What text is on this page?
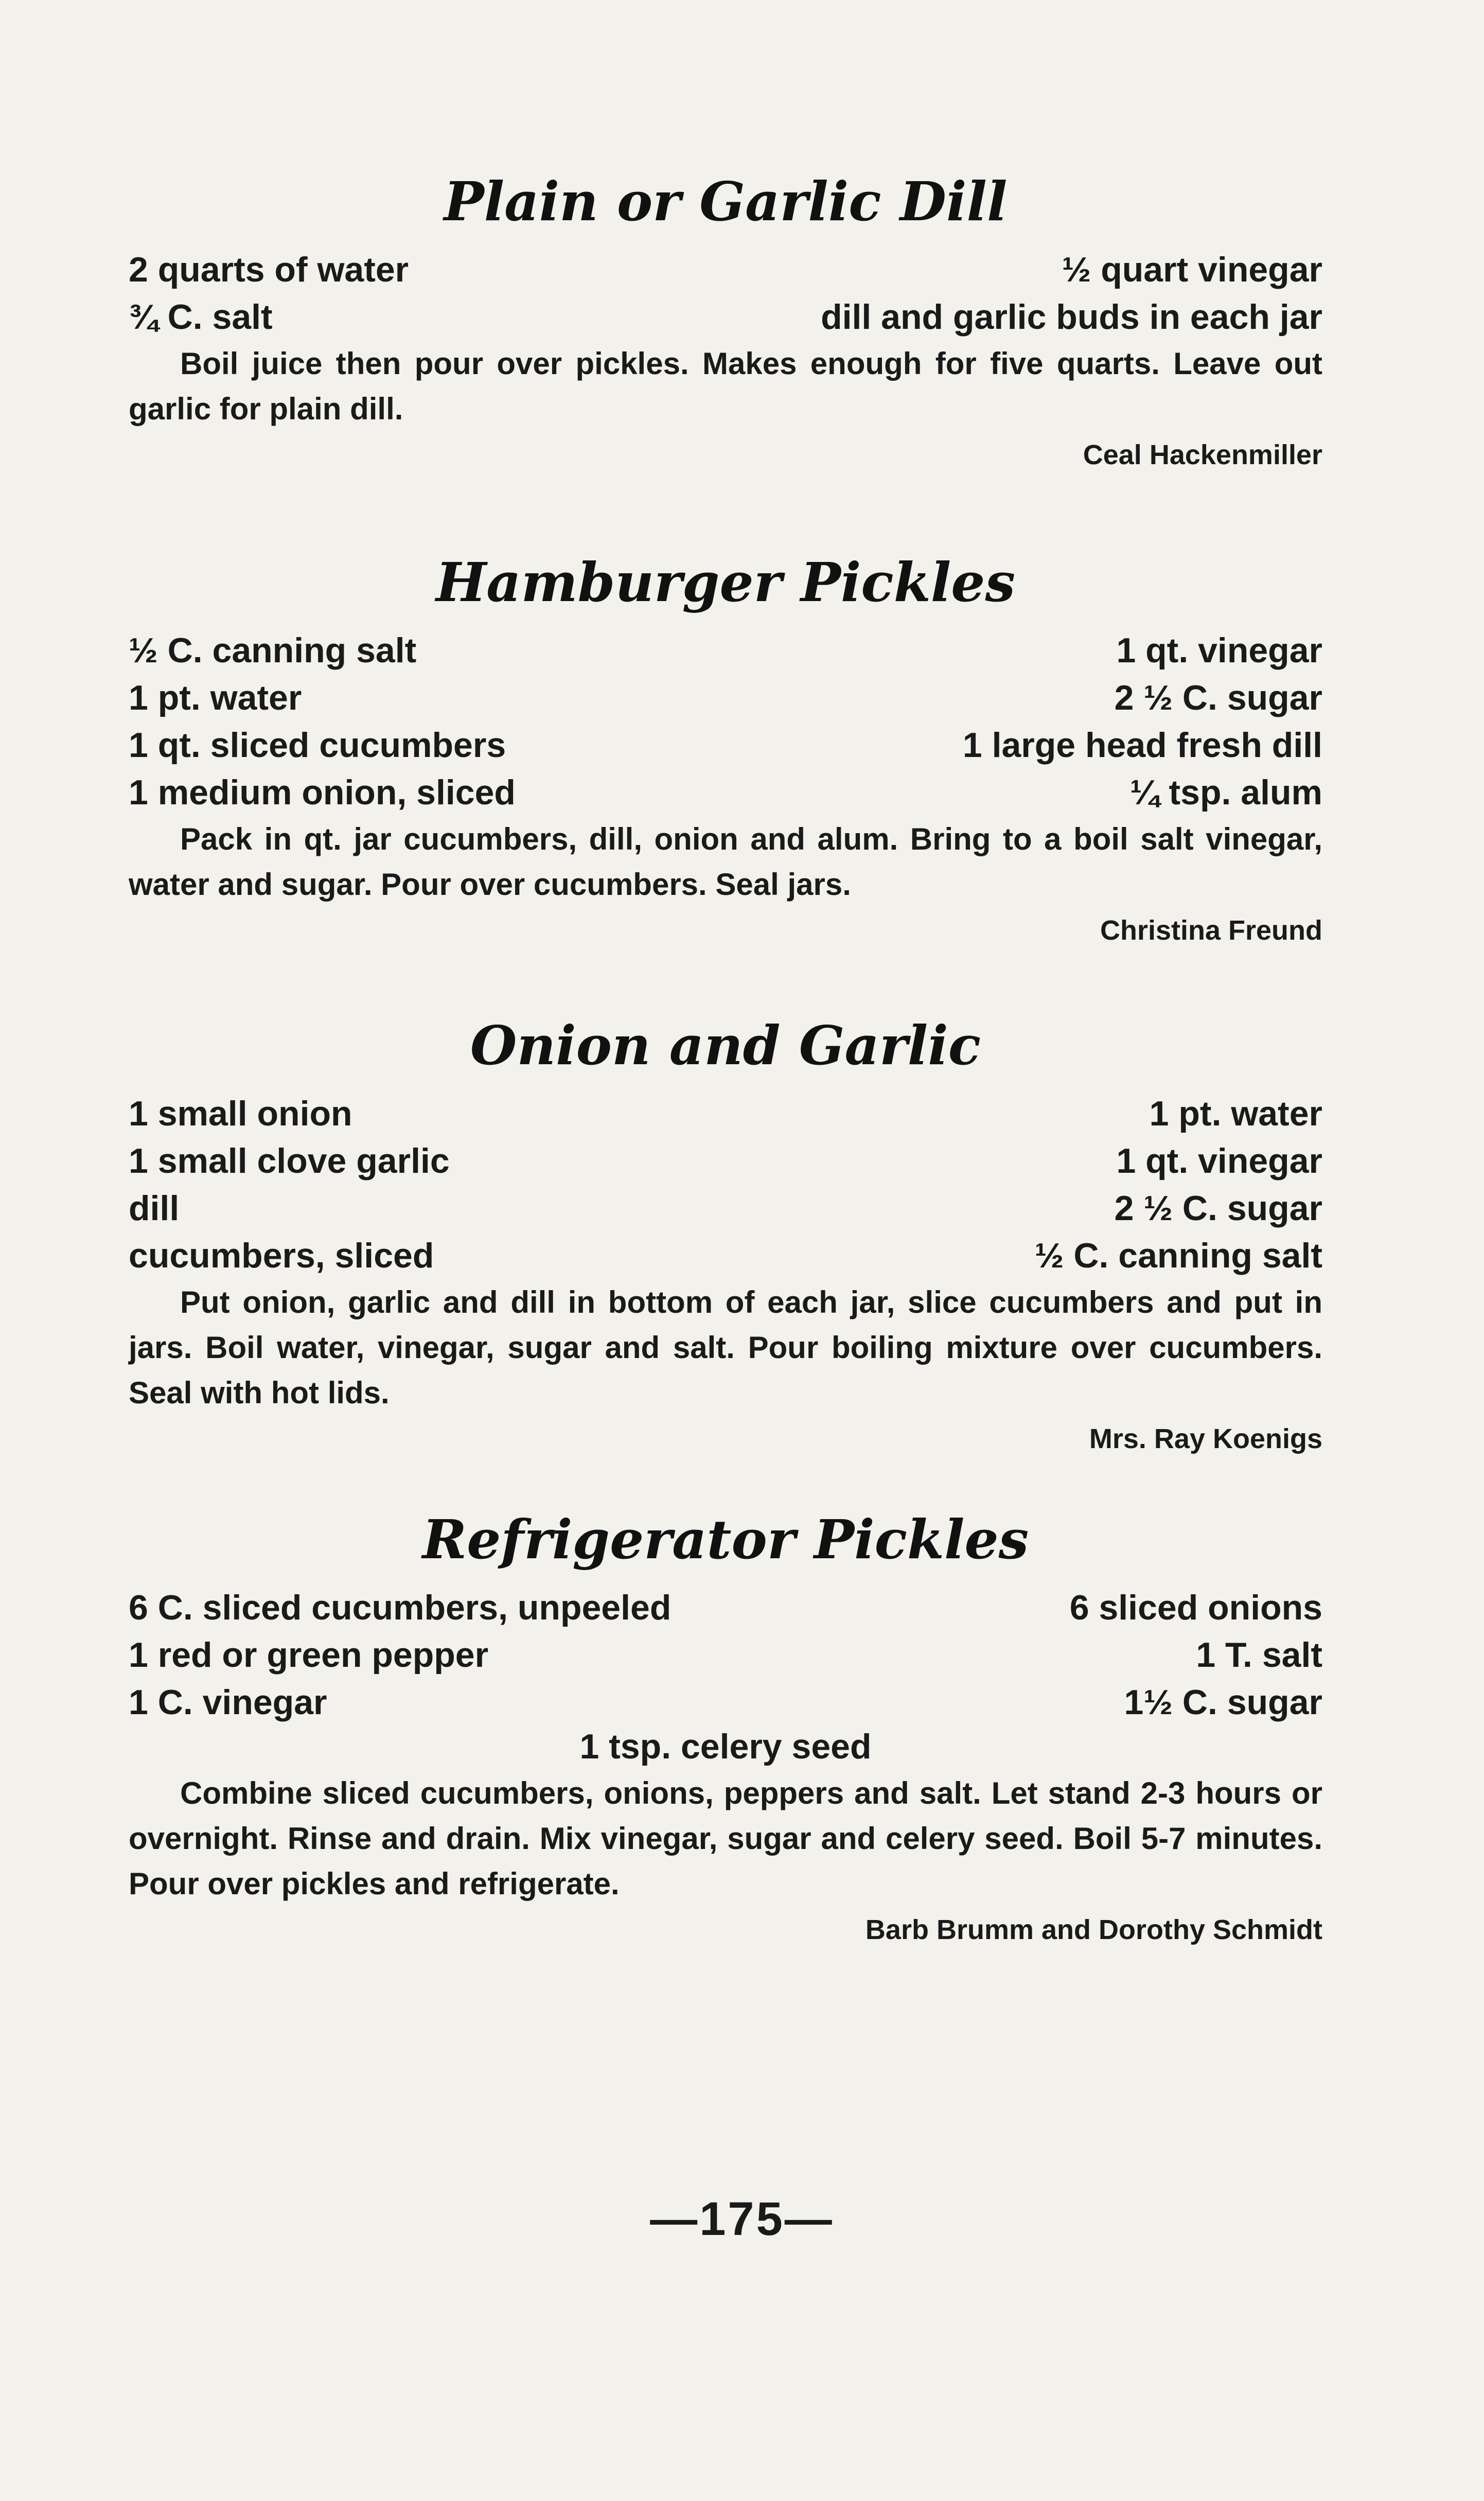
Plain or Garlic Dill
2 quarts of water	½ quart vinegar
¾ C. salt	dill and garlic buds in each jar
Boil juice then pour over pickles. Makes enough for five quarts. Leave out garlic for plain dill.
Ceal Hackenmiller
Hamburger Pickles
½ C. canning salt	1 qt. vinegar
1 pt. water	2 ½ C. sugar
1 qt. sliced cucumbers	1 large head fresh dill
1 medium onion, sliced	¼ tsp. alum
Pack in qt. jar cucumbers, dill, onion and alum. Bring to a boil salt vinegar, water and sugar. Pour over cucumbers. Seal jars.
Christina Freund
Onion and Garlic
1 small onion	1 pt. water
1 small clove garlic	1 qt. vinegar
dill	2 ½ C. sugar
cucumbers, sliced	½ C. canning salt
Put onion, garlic and dill in bottom of each jar, slice cucumbers and put in jars. Boil water, vinegar, sugar and salt. Pour boiling mixture over cucumbers. Seal with hot lids.
Mrs. Ray Koenigs
Refrigerator Pickles
6 C. sliced cucumbers, unpeeled	6 sliced onions
1 red or green pepper	1 T. salt
1 C. vinegar	1½ C. sugar
1 tsp. celery seed
Combine sliced cucumbers, onions, peppers and salt. Let stand 2-3 hours or overnight. Rinse and drain. Mix vinegar, sugar and celery seed. Boil 5-7 minutes. Pour over pickles and refrigerate.
Barb Brumm and Dorothy Schmidt
—175—
